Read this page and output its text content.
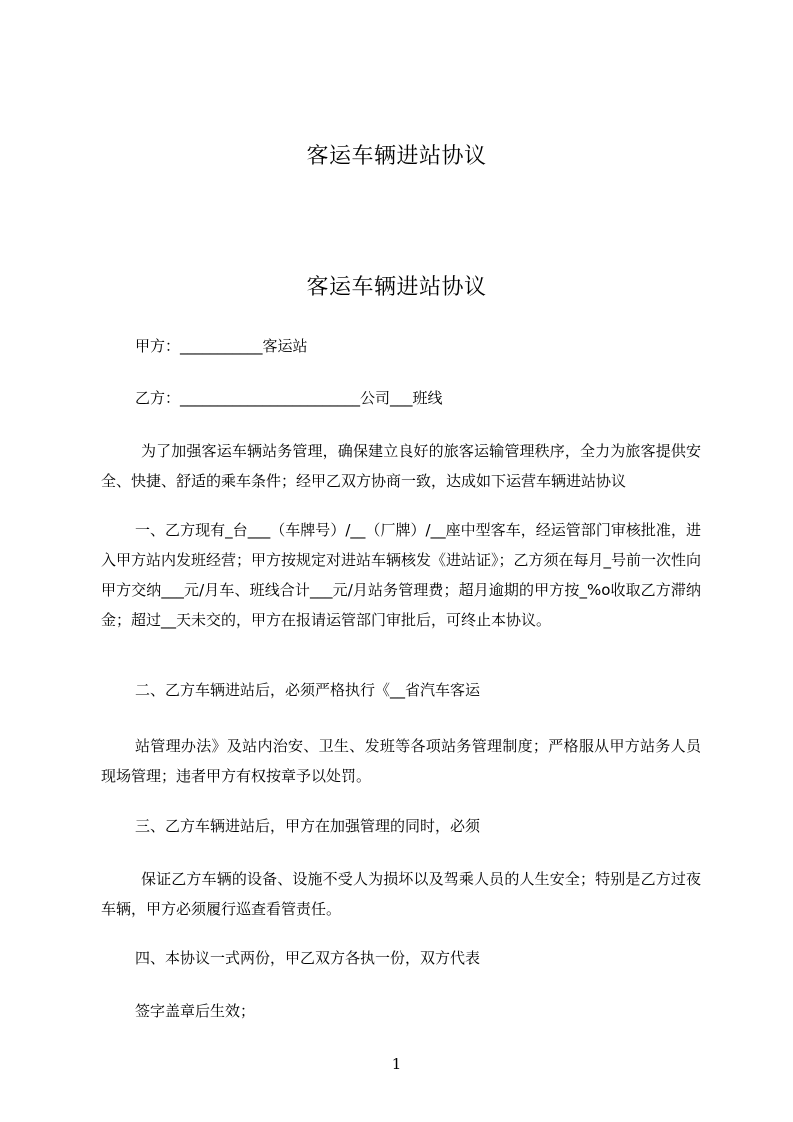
客运车辆进站协议
客运车辆进站协议

甲方：___________客运站

乙方：________________________公司___班线

为了加强客运车辆站务管理，确保建立良好的旅客运输管理秩序，全力为旅客提供安全、快捷、舒适的乘车条件；经甲乙双方协商一致，达成如下运营车辆进站协议

一、乙方现有_台___（车牌号）/__（厂牌）/__座中型客车，经运管部门审核批准，进入甲方站内发班经营；甲方按规定对进站车辆核发《进站证》；乙方须在每月_号前一次性向甲方交纳___元/月车、班线合计___元/月站务管理费；超月逾期的甲方按_%o收取乙方滞纳金；超过__天未交的，甲方在报请运管部门审批后，可终止本协议。

二、乙方车辆进站后，必须严格执行《__省汽车客运

站管理办法》及站内治安、卫生、发班等各项站务管理制度；严格服从甲方站务人员现场管理；违者甲方有权按章予以处罚。

三、乙方车辆进站后，甲方在加强管理的同时，必须

保证乙方车辆的设备、设施不受人为损坏以及驾乘人员的人生安全；特别是乙方过夜车辆，甲方必须履行巡查看管责任。

四、本协议一式两份，甲乙双方各执一份，双方代表

签字盖章后生效；

1
